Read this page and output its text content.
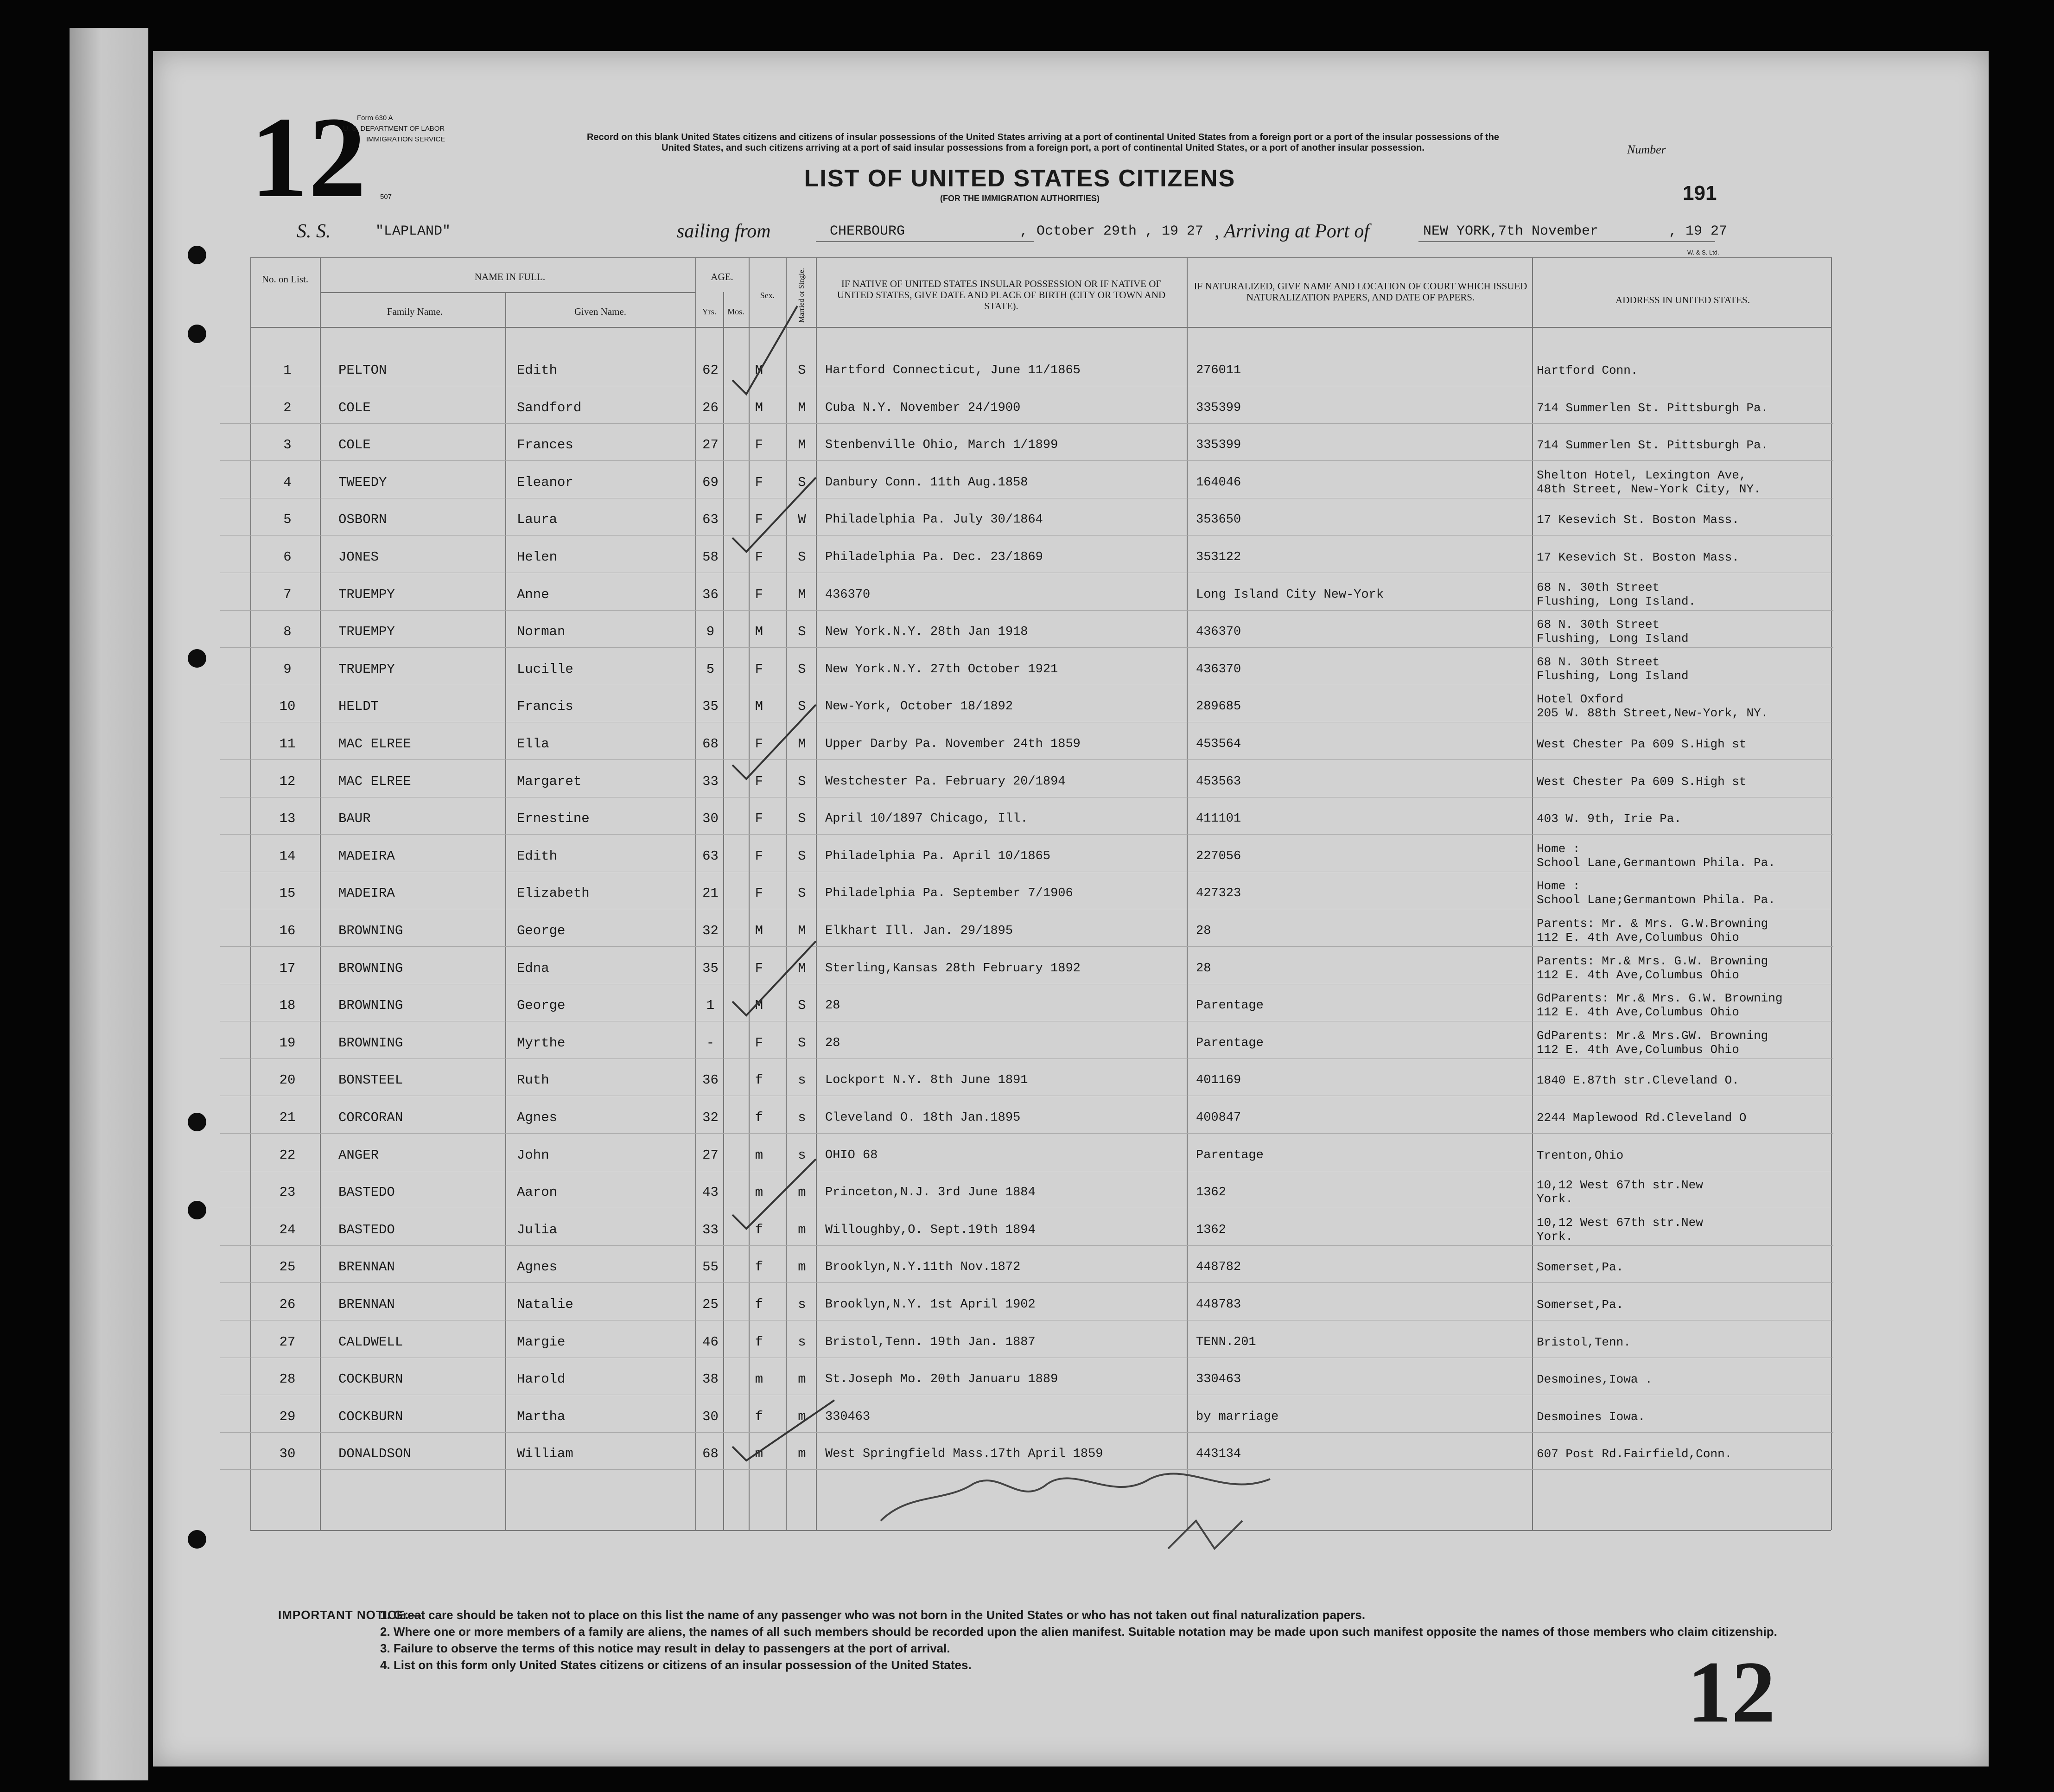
12
Form 630 A
U. S. DEPARTMENT OF LABOR
IMMIGRATION SERVICE
507
Record on this blank United States citizens and citizens of insular possessions of the United States arriving at a port of continental United States from a foreign port or a port of the insular possessions of the United States, and such citizens arriving at a port of said insular possessions from a foreign port, a port of continental United States, or a port of another insular possession.
LIST OF UNITED STATES CITIZENS
(FOR THE IMMIGRATION AUTHORITIES)
Number
191
W. & S. Ltd.
S. S.	"LAPLAND"	sailing from	CHERBOURG	, October 29th , 19 27 , Arriving at Port of	NEW YORK,7th November	, 19 27
No. on List.	NAME IN FULL.
Family Name.	Given Name.
AGE.
Yrs.	Mos.
Sex.	Married or Single.	IF NATIVE OF UNITED STATES INSULAR POSSESSION OR IF NATIVE OF UNITED STATES, GIVE DATE AND PLACE OF BIRTH (CITY OR TOWN AND STATE).
IF NATURALIZED, GIVE NAME AND LOCATION OF COURT WHICH ISSUED NATURALIZATION PAPERS, AND DATE OF PAPERS.	ADDRESS IN UNITED STATES.
1	PELTON	Edith	62	M	S	Hartford Connecticut, June 11/1865	276011	Hartford Conn.
2	COLE	Sandford	26	M	M	Cuba N.Y. November 24/1900	335399	714 Summerlen St. Pittsburgh Pa.
3	COLE	Frances	27	F	M	Stenbenville Ohio, March 1/1899	335399	714 Summerlen St. Pittsburgh Pa.
4	TWEEDY	Eleanor	69	F	S	Danbury Conn. 11th Aug.1858	164046
Shelton Hotel, Lexington Ave,
48th Street, New-York City, NY.
5	OSBORN	Laura	63	F	W	Philadelphia Pa. July 30/1864	353650	17 Kesevich St. Boston Mass.
6	JONES	Helen	58	F	S	Philadelphia Pa. Dec. 23/1869	353122	17 Kesevich St. Boston Mass.
7	TRUEMPY	Anne	36	F	M	436370	Long Island City New-York
68 N. 30th Street
Flushing, Long Island.
8	TRUEMPY	Norman	9	M	S	New York.N.Y. 28th Jan 1918	436370
68 N. 30th Street
Flushing, Long Island
9	TRUEMPY	Lucille	5	F	S	New York.N.Y. 27th October 1921	436370
68 N. 30th Street
Flushing, Long Island
10	HELDT	Francis	35	M	S	New-York, October 18/1892	289685
Hotel Oxford
205 W. 88th Street,New-York, NY.
11	MAC ELREE	Ella	68	F	M	Upper Darby Pa. November 24th 1859	453564	West Chester Pa 609 S.High st
12	MAC ELREE	Margaret	33	F	S	Westchester Pa. February 20/1894	453563	West Chester Pa 609 S.High st
13	BAUR	Ernestine	30	F	S	April 10/1897 Chicago, Ill.	411101	403 W. 9th, Irie Pa.
14	MADEIRA	Edith	63	F	S	Philadelphia Pa. April 10/1865	227056
Home :
School Lane,Germantown Phila. Pa.
15	MADEIRA	Elizabeth	21	F	S	Philadelphia Pa. September 7/1906	427323
Home :
School Lane;Germantown Phila. Pa.
16	BROWNING	George	32	M	M	Elkhart Ill. Jan. 29/1895	28
Parents: Mr. & Mrs. G.W.Browning
112 E. 4th Ave,Columbus Ohio
17	BROWNING	Edna	35	F	M	Sterling,Kansas 28th February 1892	28
Parents: Mr.& Mrs. G.W. Browning
112 E. 4th Ave,Columbus Ohio
18	BROWNING	George	1	M	S	28	Parentage
GdParents: Mr.& Mrs. G.W. Browning
112 E. 4th Ave,Columbus Ohio
19	BROWNING	Myrthe	-	F	S	28	Parentage
GdParents: Mr.& Mrs.GW. Browning
112 E. 4th Ave,Columbus Ohio
20	BONSTEEL	Ruth	36	f	s	Lockport N.Y. 8th June 1891	401169	1840 E.87th str.Cleveland O.
21	CORCORAN	Agnes	32	f	s	Cleveland O. 18th Jan.1895	400847	2244 Maplewood Rd.Cleveland O
22	ANGER	John	27	m	s	OHIO 68	Parentage	Trenton,Ohio
23	BASTEDO	Aaron	43	m	m	Princeton,N.J. 3rd June 1884	1362
10,12 West 67th str.New
York.
24	BASTEDO	Julia	33	f	m	Willoughby,O. Sept.19th 1894	1362
10,12 West 67th str.New
York.
25	BRENNAN	Agnes	55	f	m	Brooklyn,N.Y.11th Nov.1872	448782	Somerset,Pa.
26	BRENNAN	Natalie	25	f	s	Brooklyn,N.Y. 1st April 1902	448783	Somerset,Pa.
27	CALDWELL	Margie	46	f	s	Bristol,Tenn. 19th Jan. 1887	TENN.201	Bristol,Tenn.
28	COCKBURN	Harold	38	m	m	St.Joseph Mo. 20th Januaru 1889	330463	Desmoines,Iowa .
29	COCKBURN	Martha	30	f	m	330463	by marriage	Desmoines Iowa.
30	DONALDSON	William	68	m	m	West Springfield Mass.17th April 1859	443134	607 Post Rd.Fairfield,Conn.
IMPORTANT NOTICE.—
1. Great care should be taken not to place on this list the name of any passenger who was not born in the United States or who has not taken out final naturalization papers.
2. Where one or more members of a family are aliens, the names of all such members should be recorded upon the alien manifest. Suitable notation may be made upon such manifest opposite the names of those members who claim citizenship.
3. Failure to observe the terms of this notice may result in delay to passengers at the port of arrival.
4. List on this form only United States citizens or citizens of an insular possession of the United States.	12
